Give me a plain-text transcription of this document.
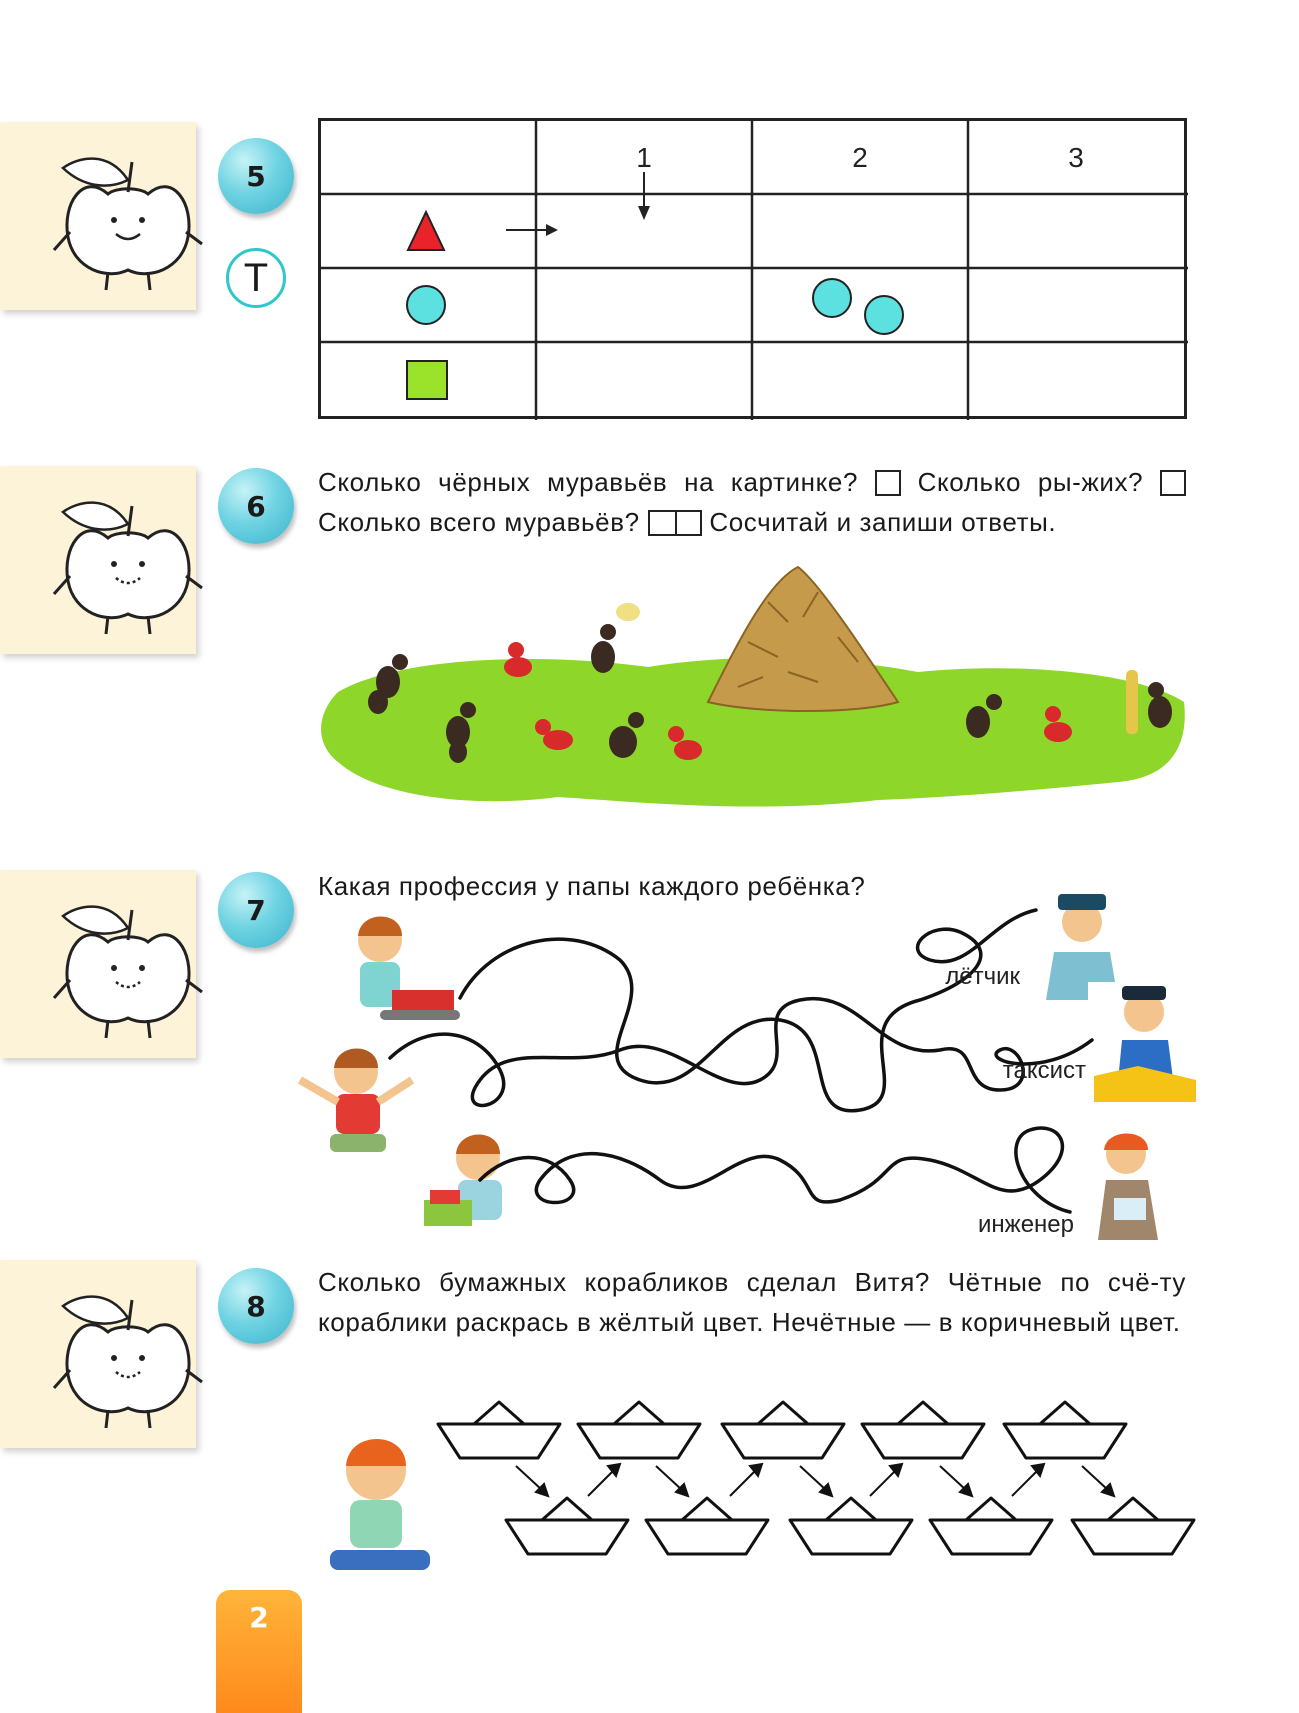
5
T
6
7
8
1	2	3

Сколько чёрных муравьёв на картинке? Сколько ры-жих?  Сколько всего муравьёв?	Сосчитай и запиши ответы.

Какая профессия у папы каждого ребёнка?

лётчик
таксист
инженер

Сколько бумажных корабликов сделал Витя? Чётные по счё-ту кораблики раскрась в жёлтый цвет. Нечётные — в коричневый цвет.

2
